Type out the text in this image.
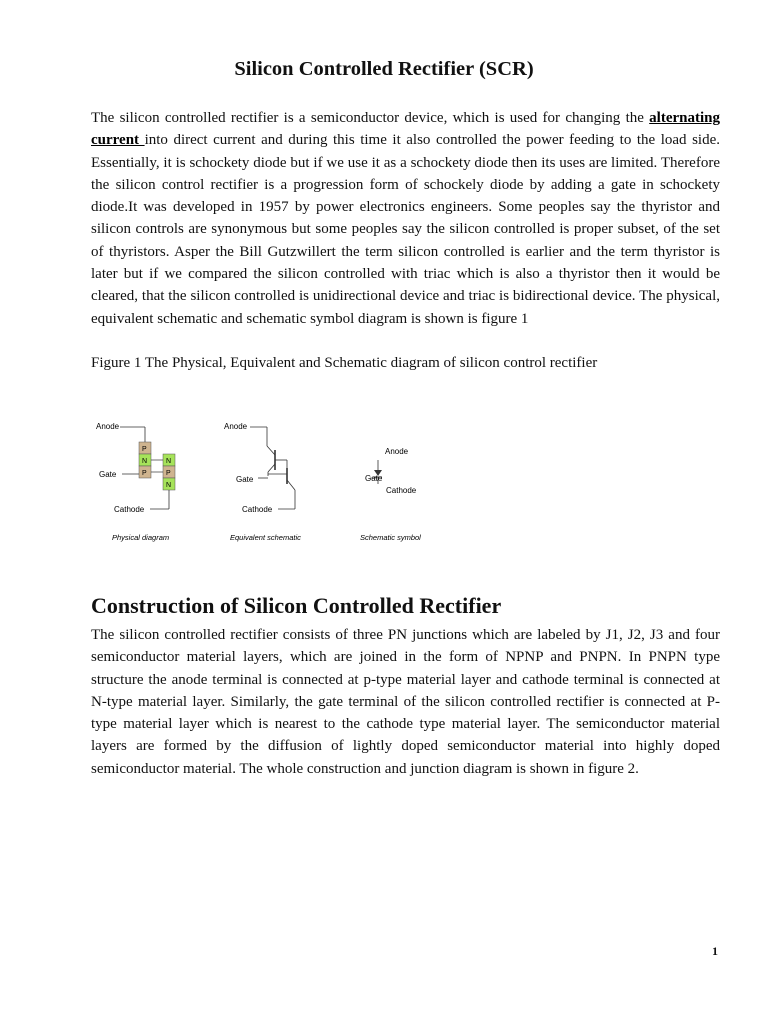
Silicon Controlled Rectifier (SCR)

The silicon controlled rectifier is a semiconductor device, which is used for changing the alternating current into direct current and during this time it also controlled the power feeding to the load side. Essentially, it is schockety diode but if we use it as a schockety diode then its uses are limited. Therefore the silicon control rectifier is a progression form of schockely diode by adding a gate in schockety diode.It was developed in 1957 by power electronics engineers. Some peoples say the thyristor and silicon controls are synonymous but some peoples say the silicon controlled is proper subset, of the set of thyristors. Asper the Bill Gutzwillert the term silicon controlled is earlier and the term thyristor is later but if we compared the silicon controlled with triac which is also a thyristor then it would be cleared, that the silicon controlled is unidirectional device and triac is bidirectional device. The physical, equivalent schematic and schematic symbol diagram is shown is figure 1

Figure 1 The Physical, Equivalent and Schematic diagram of silicon control rectifier

Anode
P
N
P
N
P
N
Gate
Cathode
Physical diagram
Anode
Gate
Cathode
Equivalent schematic
Anode
Gate
Cathode
Schematic symbol
Construction of Silicon Controlled Rectifier

The silicon controlled rectifier consists of three PN junctions which are labeled by J1, J2, J3 and four semiconductor material layers, which are joined in the form of NPNP and PNPN. In PNPN type structure the anode terminal is connected at p-type material layer and cathode terminal is connected at N-type material layer. Similarly, the gate terminal of the silicon controlled rectifier is connected at P-type material layer which is nearest to the cathode type material layer. The semiconductor material layers are formed by the diffusion of lightly doped semiconductor material into highly doped semiconductor material. The whole construction and junction diagram is shown in figure 2.

1
